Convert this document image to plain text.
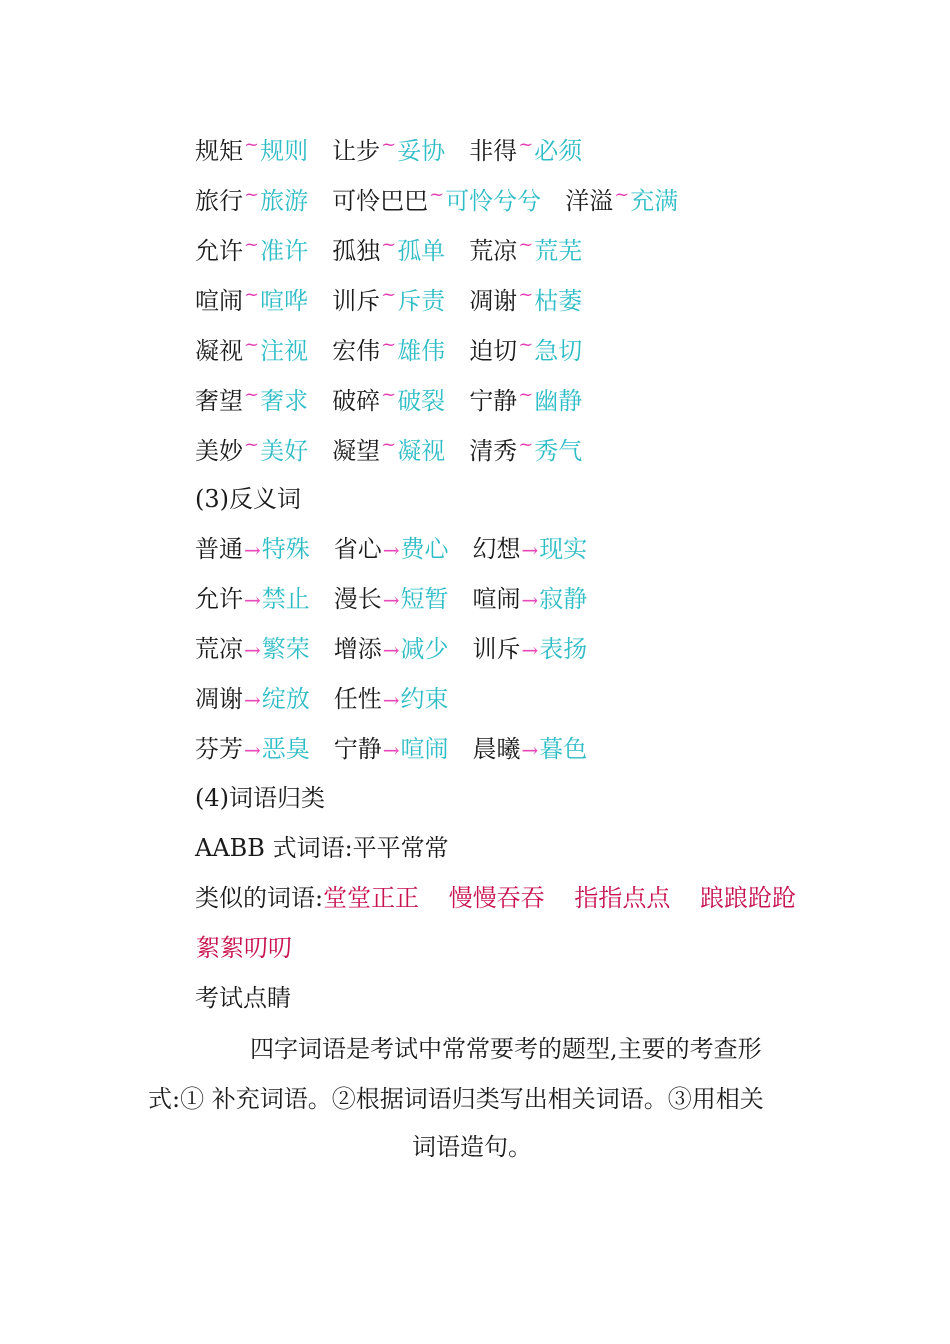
规矩~规则 让步~妥协 非得~必须
旅行~旅游 可怜巴巴~可怜兮兮 洋溢~充满
允许~准许 孤独~孤单 荒凉~荒芜
喧闹~喧哗 训斥~斥责 凋谢~枯萎
凝视~注视 宏伟~雄伟 迫切~急切
奢望~奢求 破碎~破裂 宁静~幽静
美妙~美好 凝望~凝视 清秀~秀气
(3)反义词
普通→特殊 省心→费心 幻想→现实
允许→禁止 漫长→短暂 喧闹→寂静
荒凉→繁荣 增添→减少 训斥→表扬
凋谢→绽放 任性→约束
芬芳→恶臭 宁静→喧闹 晨曦→暮色
(4)词语归类
AABB 式词语:平平常常
类似的词语:堂堂正正 慢慢吞吞 指指点点 踉踉跄跄
絮絮叨叨
考试点睛
四字词语是考试中常常要考的题型,主要的考查形
式:① 补充词语。②根据词语归类写出相关词语。③用相关
词语造句。
